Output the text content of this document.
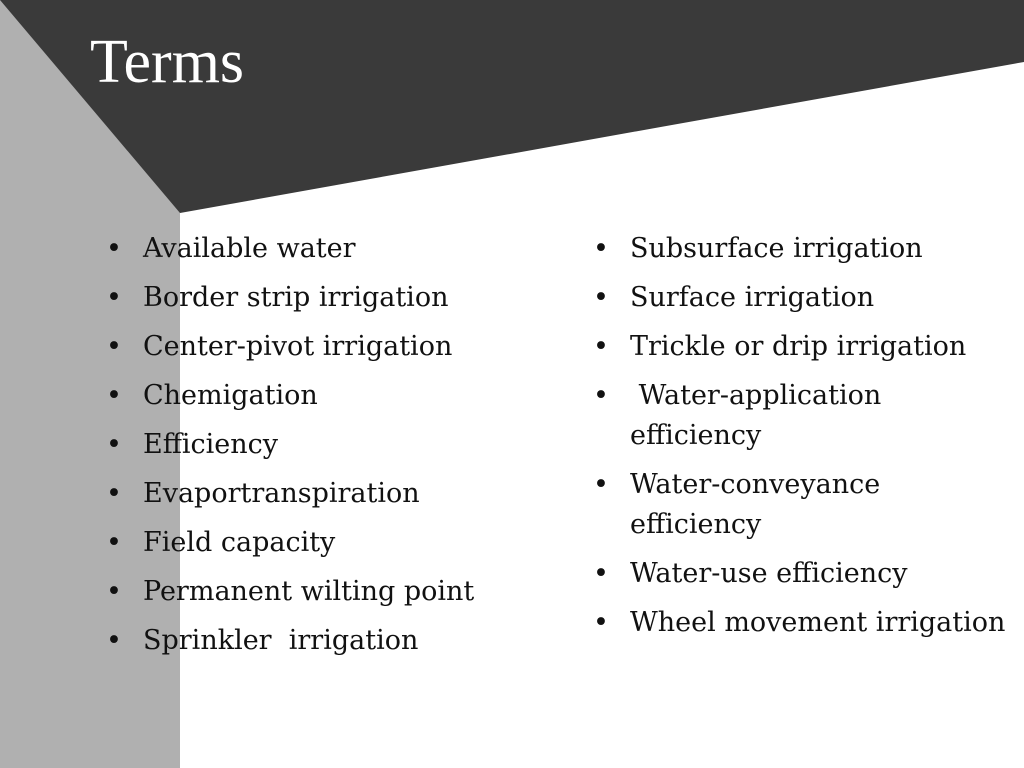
Terms
• Available water
• Border strip irrigation
• Center-pivot irrigation
• Chemigation
• Efficiency
• Evaportranspiration
• Field capacity
• Permanent wilting point
• Sprinkler  irrigation
• Subsurface irrigation
• Surface irrigation
• Trickle or drip irrigation
•  Water-application efficiency
• Water-conveyance efficiency
• Water-use efficiency
• Wheel movement irrigation
